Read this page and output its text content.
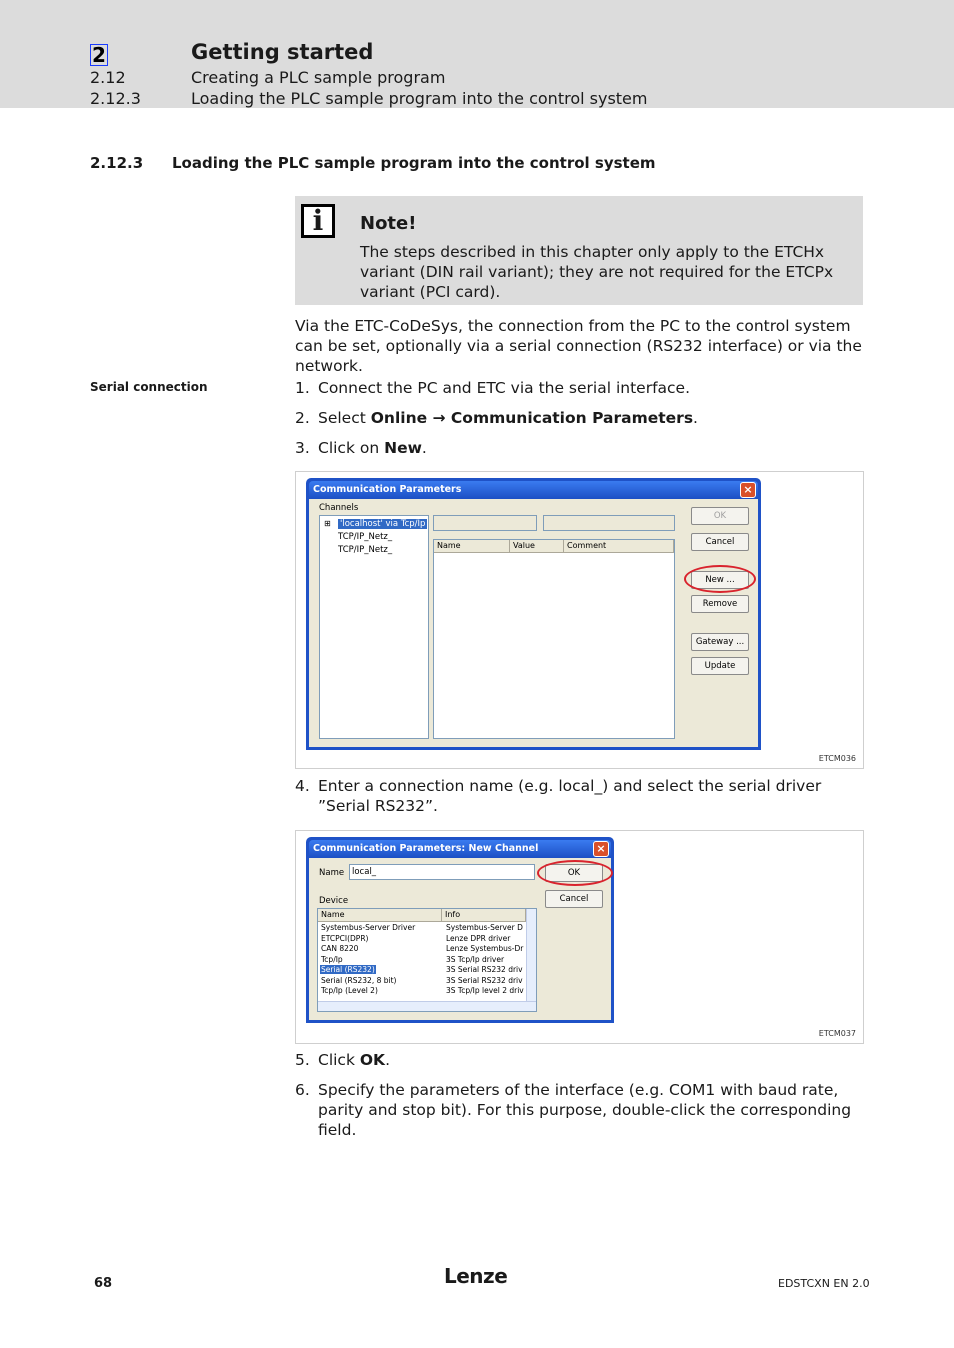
2	Getting started
2.12	Creating a PLC sample program
2.12.3	Loading the PLC sample program into the control system
2.12.3 Loading the PLC sample program into the control system
i	Note!
The steps described in this chapter only apply to the ETCHx variant (DIN rail variant); they are not required for the ETCPx variant (PCI card).
Via the ETC-CoDeSys, the connection from the PC to the control system can be set, optionally via a serial connection (RS232 interface) or via the network.
Serial connection	1. Connect the PC and ETC via the serial interface.
2. Select Online → Communication Parameters.
3. Click on New.
Communication Parameters	×
Channels
⊞ 'localhost' via Tcp/Ip
TCP/IP_Netz_
TCP/IP_Netz_	Name	Value	Comment
OK
Cancel
New ...
Remove
Gateway ...
Update
ETCM036
4. Enter a connection name (e.g. local_) and select the serial driver ”Serial RS232”.
Communication Parameters: New Channel	×
Name local_
Device
Name	Info
Systembus-Server Driver	Systembus-Server D
ETCPCI(DPR)	Lenze DPR driver
CAN 8220	Lenze Systembus-Dr
Tcp/Ip	3S Tcp/Ip driver
Serial (RS232)	3S Serial RS232 driv
Serial (RS232, 8 bit)	3S Serial RS232 driv
Tcp/Ip (Level 2)	3S Tcp/Ip level 2 driv
OK
Cancel
ETCM037
5. Click OK.
6. Specify the parameters of the interface (e.g. COM1 with baud rate, parity and stop bit). For this purpose, double-click the corresponding field.
68	Lenze	EDSTCXN EN 2.0
